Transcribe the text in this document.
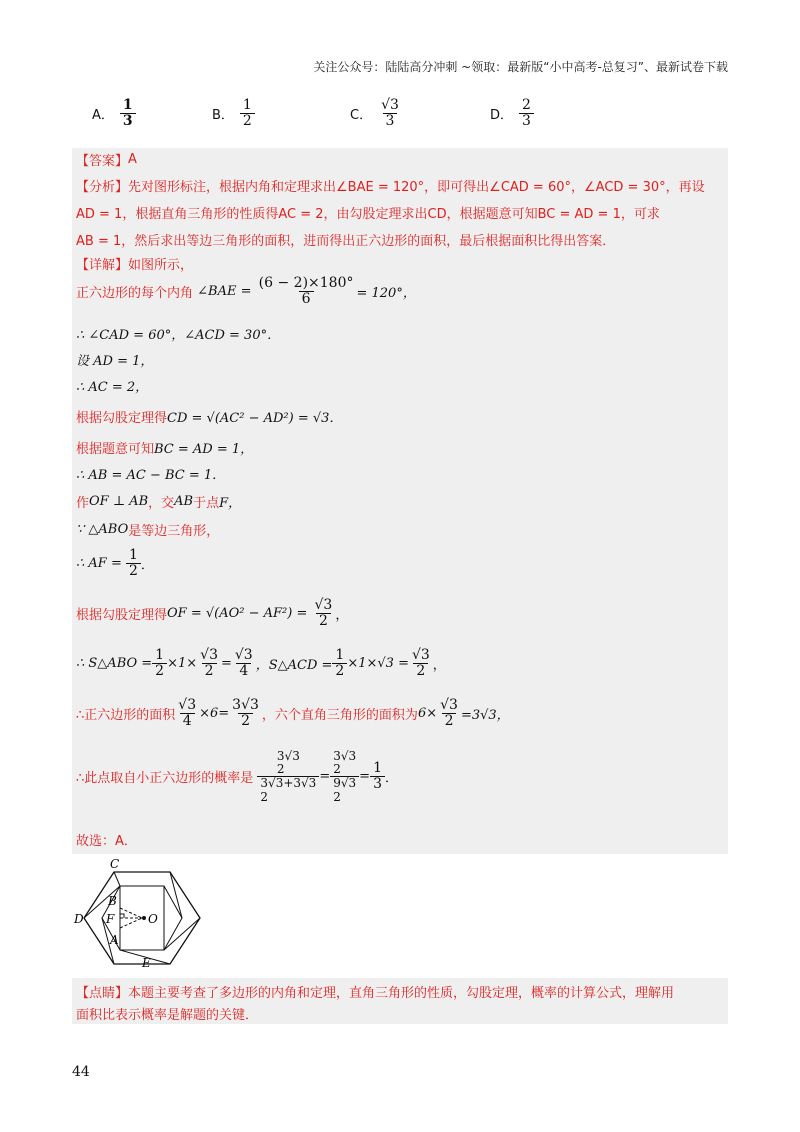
关注公众号：陆陆高分冲刺 ~领取：最新版“小中高考-总复习”、最新试卷下载
A． $\frac{1}{3}$	B． $\frac{1}{2}$	C． $\frac{√3}{3}$	D． $\frac{2}{3}$
【答案】 A
【分析】 先对图形标注，根据内角和定理求出∠BAE = 120°，即可得出∠CAD = 60°，∠ACD = 30°，再设
AD = 1，根据直角三角形的性质得AC = 2，由勾股定理求出CD，根据题意可知BC = AD = 1，可求
AB = 1，然后求出等边三角形的面积，进而得出正六边形的面积，最后根据面积比得出答案．
【详解】 如图所示，
正六边形的每个内角
∠BAE =
$\frac{(6 - 2)\times 180^\circ}{6} = 120^\circ$，
∴ ∠CAD = 60°，∠ACD = 30°．
设 AD = 1，
∴ AC = 2，
根据勾股定理得 CD = √(AC² − AD²) = √3．
根据题意可知 BC = AD = 1，
∴ AB = AC − BC = 1．
作 OF ⊥ AB ，交 AB 于点 F，
∵ △ABO 是等边三角形，
∴ AF =
$\frac{1}{2}$ ．
根据勾股定理得 OF = √(AO² − AF²) =
$\frac{√3}{2}$ ，
∴ S△ABO = $\frac{1}{2} \times 1\times \frac{√3}{2} = \frac{√3}{4}$ ，S△ACD = $\frac{1}{2} \times 1\times√3 = \frac{√3}{2}$ ，
∴正六边形的面积 $\frac{√3}{4} \times 6= \frac{3√3}{2}$ ，六个直角三角形的面积为 $6\times \frac{√3}{2} =3√3$，
∴此点取自小正六边形的概率是

3√3
2
3√3+3√3
2
=
3√3
2
9√3
2
= $\frac{1}{3}$ ．
故选：A．
C
B
F
D	O
A
E
【点睛】 本题主要考查了多边形的内角和定理，直角三角形的性质，勾股定理，概率的计算公式，理解用
面积比表示概率是解题的关键．
44
